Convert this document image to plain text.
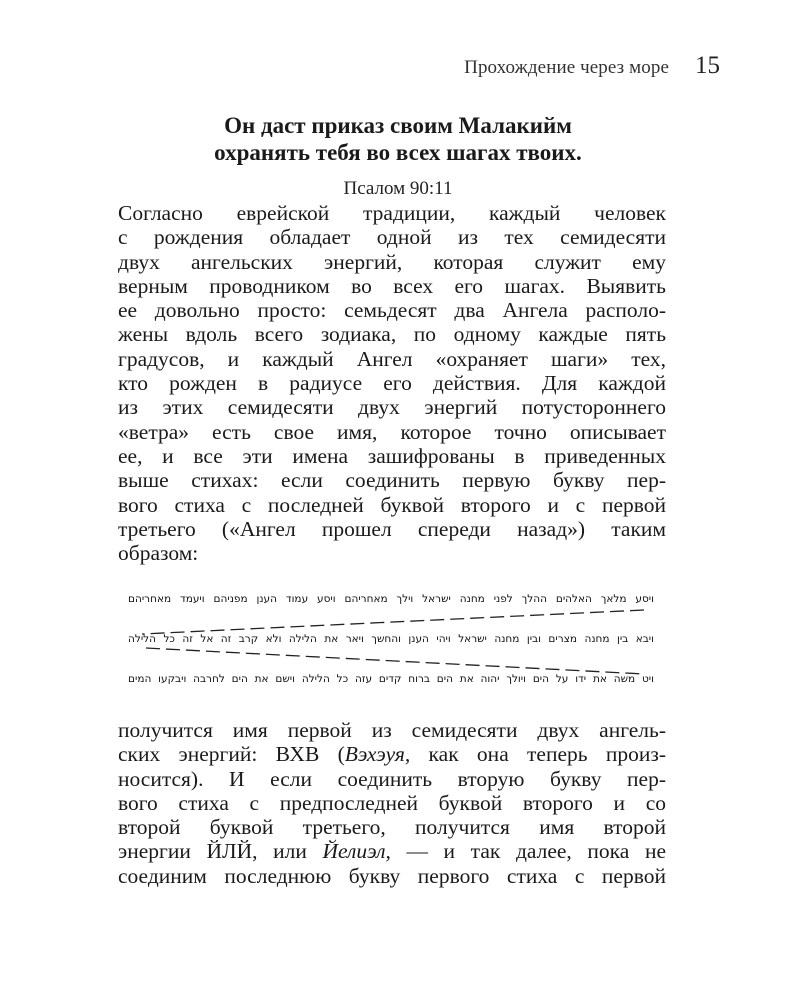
Прохождение через море 15

Он даст приказ своим Малакийм
охранять тебя во всех шагах твоих.

Псалом 90:11
Согласно еврейской традиции, каждый человек
с рождения обладает одной из тех семидесяти
двух ангельских энергий, которая служит ему
верным проводником во всех его шагах. Выявить
ее довольно просто: семьдесят два Ангела располо-
жены вдоль всего зодиака, по одному каждые пять
градусов, и каждый Ангел «охраняет шаги» тех,
кто рожден в радиусе его действия. Для каждой
из этих семидесяти двух энергий потустороннего
«ветра» есть свое имя, которое точно описывает
ее, и все эти имена зашифрованы в приведенных
выше стихах: если соединить первую букву пер-
вого стиха с последней буквой второго и с первой
третьего («Ангел прошел спереди назад») таким
образом:
ויסע מלאך האלהים ההלך לפני מחנה ישראל וילך מאחריהם ויסע עמוד הענן מפניהם ויעמד מאחריהם
ויבא בין מחנה מצרים ובין מחנה ישראל ויהי הענן והחשך ויאר את הלילה ולא קרב זה אל זה כל הלילה
ויט משה את ידו על הים ויולך יהוה את הים ברוח קדים עזה כל הלילה וישם את הים לחרבה ויבקעו המים
получится имя первой из семидесяти двух ангель-
ских энергий: ВХВ (Вэхэуя, как она теперь произ-
носится). И если соединить вторую букву пер-
вого стиха с предпоследней буквой второго и со
второй буквой третьего, получится имя второй
энергии ЙЛЙ, или Йелиэл, — и так далее, пока не
соединим последнюю букву первого стиха с первой
